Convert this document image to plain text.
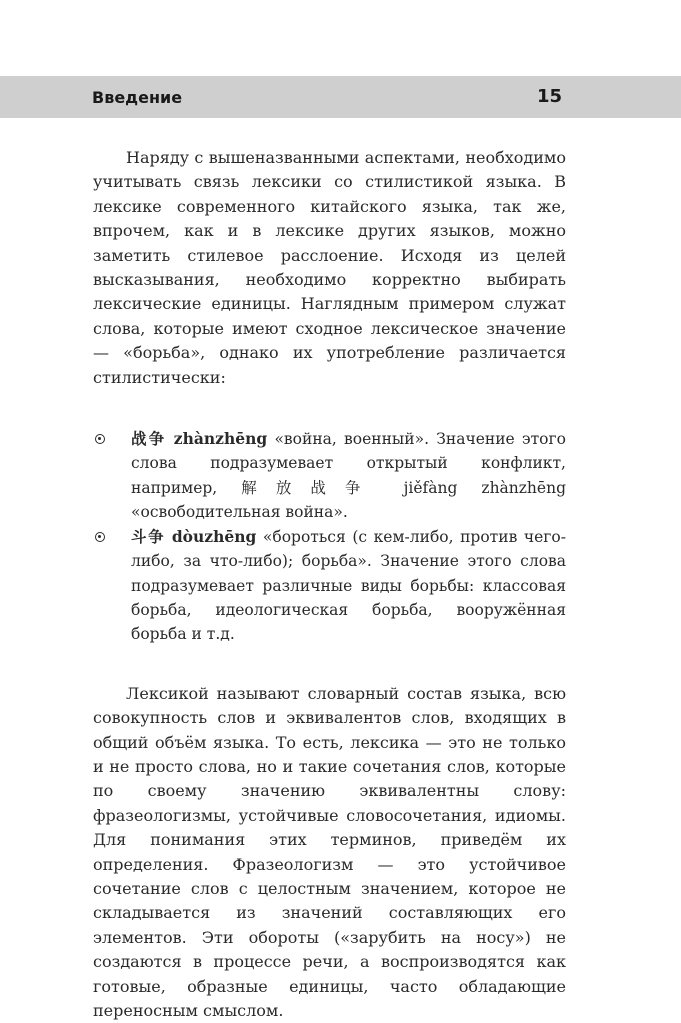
Введение	15

Наряду с вышеназванными аспектами, необходимо учитывать связь лексики со стилистикой языка. В лексике современного китайского языка, так же, впрочем, как и в лексике других языков, можно заметить стилевое расслоение. Исходя из целей высказывания, необходимо корректно выбирать лексические единицы. Наглядным примером служат слова, которые имеют сходное лексическое значение — «борьба», однако их употребление различается стилистически:

战争 zhànzhēng «война, военный». Значение этого слова подразумевает открытый конфликт, например, 解放战争 jiěfàng zhànzhēng «освободительная война».
斗争 dòuzhēng «бороться (с кем-либо, против чего-либо, за что-либо); борьба». Значение этого слова подразумевает различные виды борьбы: классовая борьба, идеологическая борьба, вооружённая борьба и т.д.

Лексикой называют словарный состав языка, всю совокупность слов и эквивалентов слов, входящих в общий объём языка. То есть, лексика — это не только и не просто слова, но и такие сочетания слов, которые по своему значению эквивалентны слову: фразеологизмы, устойчивые словосочетания, идиомы. Для понимания этих терминов, приведём их определения. Фразеологизм — это устойчивое сочетание слов с целостным значением, которое не складывается из значений составляющих его элементов. Эти обороты («зарубить на носу») не создаются в процессе речи, а воспроизводятся как готовые, образные единицы, часто обладающие переносным смыслом.
